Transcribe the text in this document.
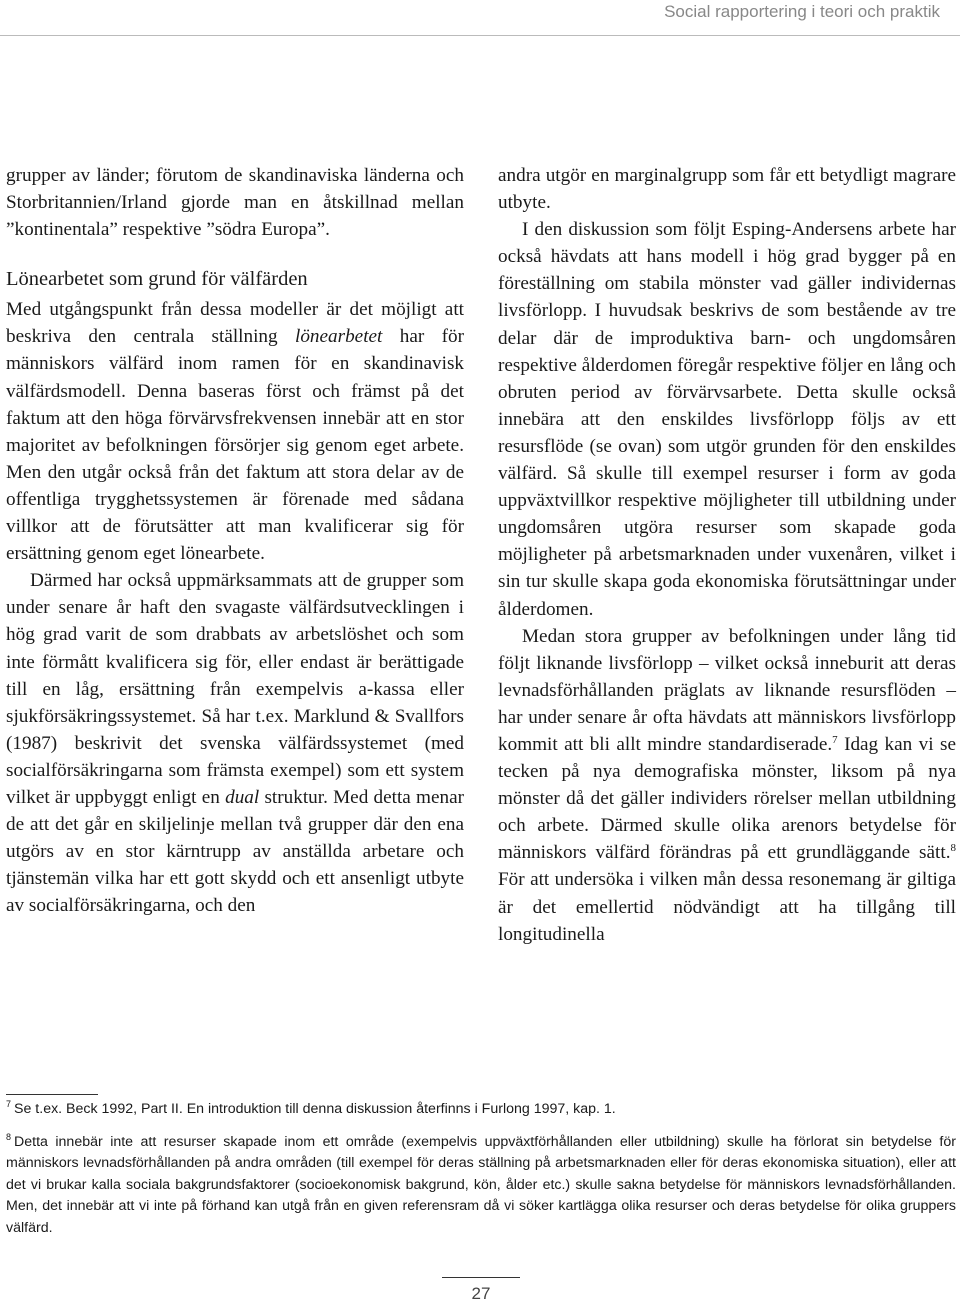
Social rapportering i teori och praktik

grupper av länder; förutom de skandinaviska länderna och Storbritannien/Irland gjorde man en åtskillnad mellan ”kontinentala” respektive ”södra Europa”.

Lönearbetet som grund för välfärden

Med utgångspunkt från dessa modeller är det möjligt att beskriva den centrala ställning lönearbetet har för människors välfärd inom ramen för en skandinavisk välfärdsmodell. Denna baseras först och främst på det faktum att den höga förvärvsfrekvensen innebär att en stor majoritet av befolkningen försörjer sig genom eget arbete. Men den utgår också från det faktum att stora delar av de offentliga trygghetssystemen är förenade med sådana villkor att de förutsätter att man kvalificerar sig för ersättning genom eget lönearbete.

Därmed har också uppmärksammats att de grupper som under senare år haft den svagaste välfärdsutvecklingen i hög grad varit de som drabbats av arbetslöshet och som inte förmått kvalificera sig för, eller endast är berättigade till en låg, ersättning från exempelvis a-kassa eller sjukförsäkringssystemet. Så har t.ex. Marklund & Svallfors (1987) beskrivit det svenska välfärdssystemet (med socialförsäkringarna som främsta exempel) som ett system vilket är uppbyggt enligt en dual struktur. Med detta menar de att det går en skiljelinje mellan två grupper där den ena utgörs av en stor kärntrupp av anställda arbetare och tjänstemän vilka har ett gott skydd och ett ansenligt utbyte av socialförsäkringarna, och den

andra utgör en marginalgrupp som får ett betydligt magrare utbyte.

I den diskussion som följt Esping-Andersens arbete har också hävdats att hans modell i hög grad bygger på en föreställning om stabila mönster vad gäller individernas livsförlopp. I huvudsak beskrivs de som bestående av tre delar där de improduktiva barn- och ungdomsåren respektive ålderdomen föregår respektive följer en lång och obruten period av förvärvsarbete. Detta skulle också innebära att den enskildes livsförlopp följs av ett resursflöde (se ovan) som utgör grunden för den enskildes välfärd. Så skulle till exempel resurser i form av goda uppväxtvillkor respektive möjligheter till utbildning under ungdomsåren utgöra resurser som skapade goda möjligheter på arbetsmarknaden under vuxenåren, vilket i sin tur skulle skapa goda ekonomiska förutsättningar under ålderdomen.

Medan stora grupper av befolkningen under lång tid följt liknande livsförlopp – vilket också inneburit att deras levnadsförhållanden präglats av liknande resursflöden – har under senare år ofta hävdats att människors livsförlopp kommit att bli allt mindre standardiserade.$^7$ Idag kan vi se tecken på nya demografiska mönster, liksom på nya mönster då det gäller individers rörelser mellan utbildning och arbete. Därmed skulle olika arenors betydelse för människors välfärd förändras på ett grundläggande sätt.$^8$ För att undersöka i vilken mån dessa resonemang är giltiga är det emellertid nödvändigt att ha tillgång till longitudinella

$^7$ Se t.ex. Beck 1992, Part II. En introduktion till denna diskussion återfinns i Furlong 1997, kap. 1.

$^8$ Detta innebär inte att resurser skapade inom ett område (exempelvis uppväxtförhållanden eller utbildning) skulle ha förlorat sin betydelse för människors levnadsförhållanden på andra områden (till exempel för deras ställning på arbetsmarknaden eller för deras ekonomiska situation), eller att det vi brukar kalla sociala bakgrundsfaktorer (socioekonomisk bakgrund, kön, ålder etc.) skulle sakna betydelse för människors levnadsförhållanden. Men, det innebär att vi inte på förhand kan utgå från en given referensram då vi söker kartlägga olika resurser och deras betydelse för olika gruppers välfärd.

27
